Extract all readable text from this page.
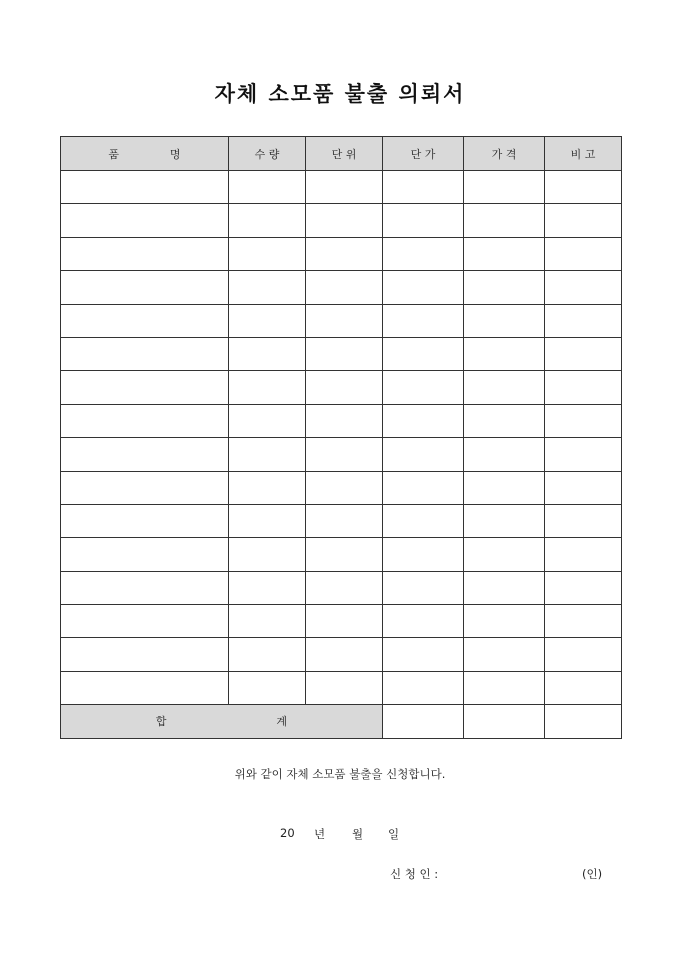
자체 소모품 불출 의뢰서
품 명	수 량	단 위	단 가	가 격	비 고

합 계					

위와 같이 자체 소모품 불출을 신청합니다.
20	년	월	일
신 청 인 :	(인)
